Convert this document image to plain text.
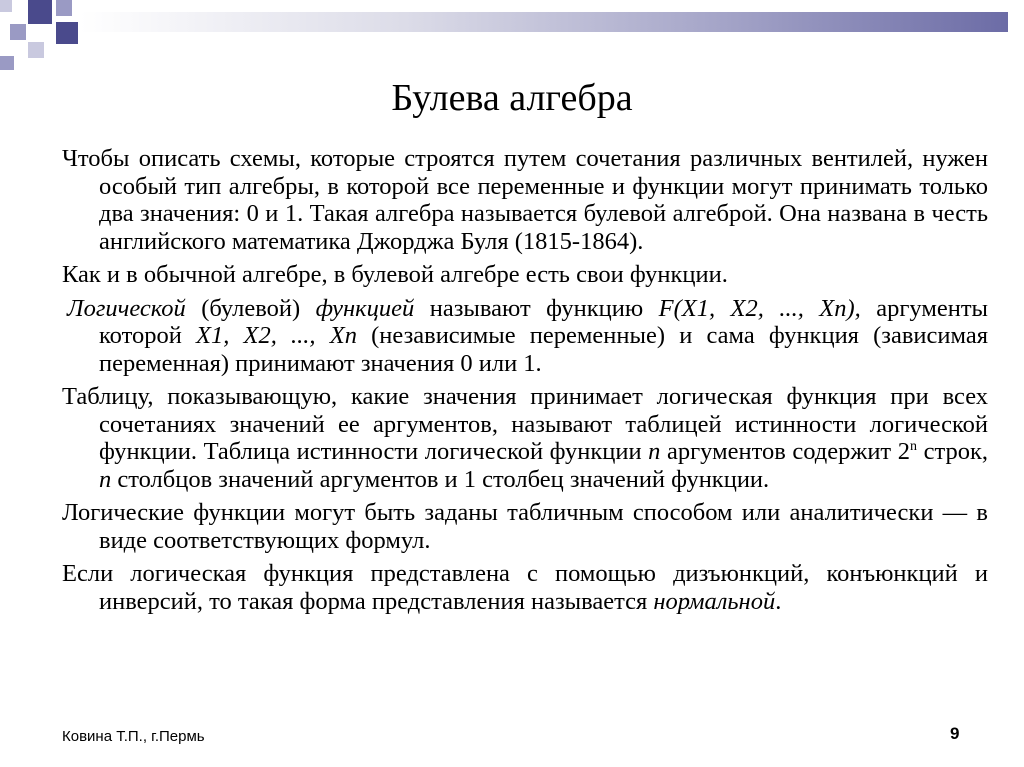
Булева алгебра

Чтобы описать схемы, которые строятся путем сочетания различных вентилей, нужен особый тип алгебры, в которой все переменные и функции могут принимать только два значения: 0 и 1. Такая алгебра называется булевой алгеброй. Она названа в честь английского математика Джорджа Буля (1815-1864).

Как и в обычной алгебре, в булевой алгебре есть свои функции.

Логической (булевой) функцией называют функцию F(X1, X2, ..., Xn), аргументы которой X1, X2, ..., Xn (независимые переменные) и сама функция (зависимая переменная) принимают значения 0 или 1.

Таблицу, показывающую, какие значения принимает логическая функция при всех сочетаниях значений ее аргументов, называют таблицей истинности логической функции. Таблица истинности логической функции n аргументов содержит 2$^n$ строк, n столбцов значений аргументов и 1 столбец значений функции.

Логические функции могут быть заданы табличным способом или аналитически — в виде соответствующих формул.

Если логическая функция представлена с помощью дизъюнкций, конъюнкций и инверсий, то такая форма представления называется нормальной.

Ковина Т.П., г.Пермь	9
